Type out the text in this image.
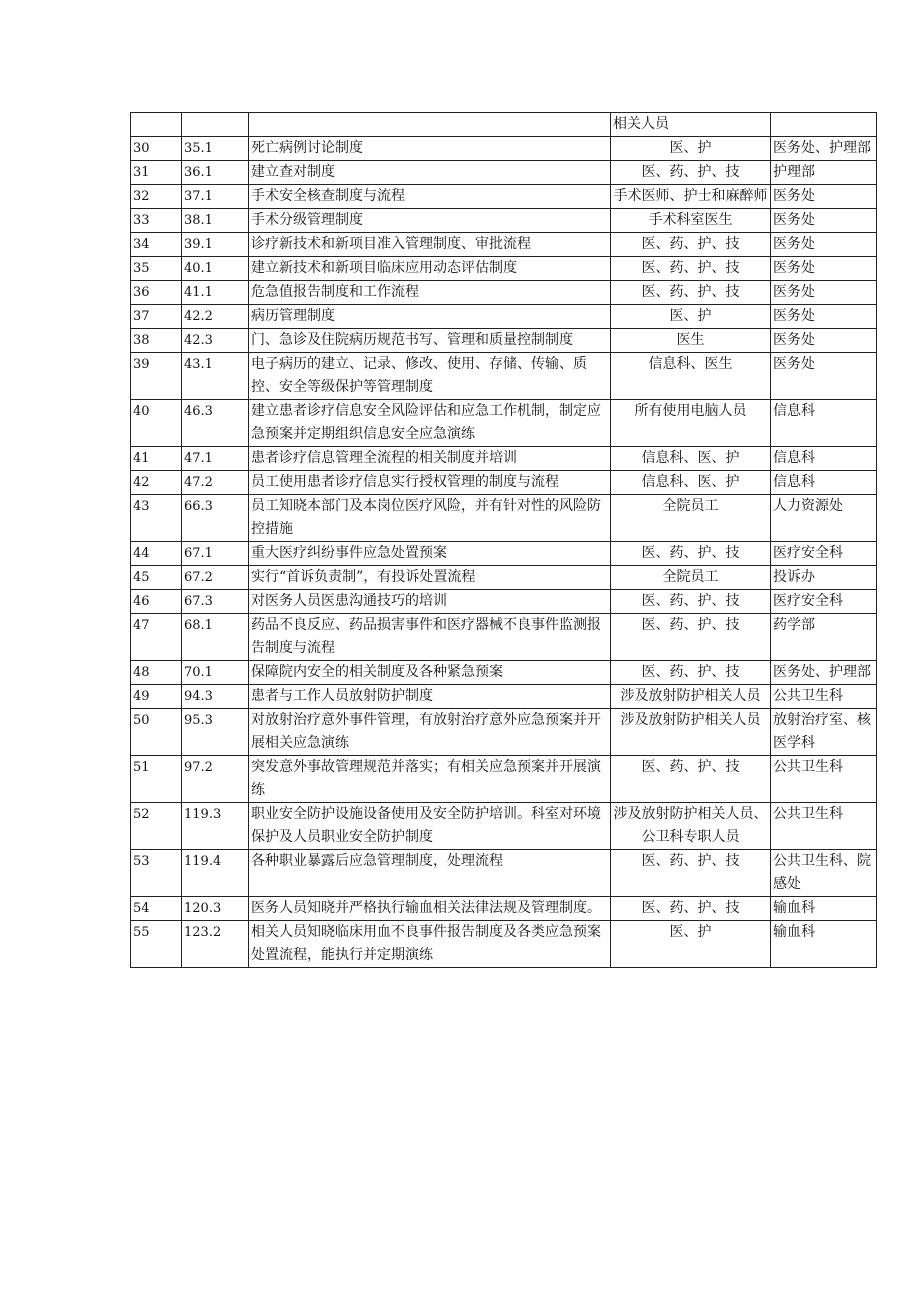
			相关人员	
30	35.1	死亡病例讨论制度	医、护	医务处、护理部
31	36.1	建立查对制度	医、药、护、技	护理部
32	37.1	手术安全核查制度与流程	手术医师、护士和麻醉师	医务处
33	38.1	手术分级管理制度	手术科室医生	医务处
34	39.1	诊疗新技术和新项目准入管理制度、审批流程	医、药、护、技	医务处
35	40.1	建立新技术和新项目临床应用动态评估制度	医、药、护、技	医务处
36	41.1	危急值报告制度和工作流程	医、药、护、技	医务处
37	42.2	病历管理制度	医、护	医务处
38	42.3	门、急诊及住院病历规范书写、管理和质量控制制度	医生	医务处
39	43.1	电子病历的建立、记录、修改、使用、存储、传输、质控、安全等级保护等管理制度	信息科、医生	医务处
40	46.3	建立患者诊疗信息安全风险评估和应急工作机制，制定应急预案并定期组织信息安全应急演练	所有使用电脑人员	信息科
41	47.1	患者诊疗信息管理全流程的相关制度并培训	信息科、医、护	信息科
42	47.2	员工使用患者诊疗信息实行授权管理的制度与流程	信息科、医、护	信息科
43	66.3	员工知晓本部门及本岗位医疗风险，并有针对性的风险防控措施	全院员工	人力资源处
44	67.1	重大医疗纠纷事件应急处置预案	医、药、护、技	医疗安全科
45	67.2	实行“首诉负责制”，有投诉处置流程	全院员工	投诉办
46	67.3	对医务人员医患沟通技巧的培训	医、药、护、技	医疗安全科
47	68.1	药品不良反应、药品损害事件和医疗器械不良事件监测报告制度与流程	医、药、护、技	药学部
48	70.1	保障院内安全的相关制度及各种紧急预案	医、药、护、技	医务处、护理部
49	94.3	患者与工作人员放射防护制度	涉及放射防护相关人员	公共卫生科
50	95.3	对放射治疗意外事件管理，有放射治疗意外应急预案并开展相关应急演练	涉及放射防护相关人员	放射治疗室、核医学科
51	97.2	突发意外事故管理规范并落实；有相关应急预案并开展演练	医、药、护、技	公共卫生科
52	119.3	职业安全防护设施设备使用及安全防护培训。科室对环境保护及人员职业安全防护制度	涉及放射防护相关人员、公卫科专职人员	公共卫生科
53	119.4	各种职业暴露后应急管理制度，处理流程	医、药、护、技	公共卫生科、院感处
54	120.3	医务人员知晓并严格执行输血相关法律法规及管理制度。	医、药、护、技	输血科
55	123.2	相关人员知晓临床用血不良事件报告制度及各类应急预案处置流程，能执行并定期演练	医、护	输血科
